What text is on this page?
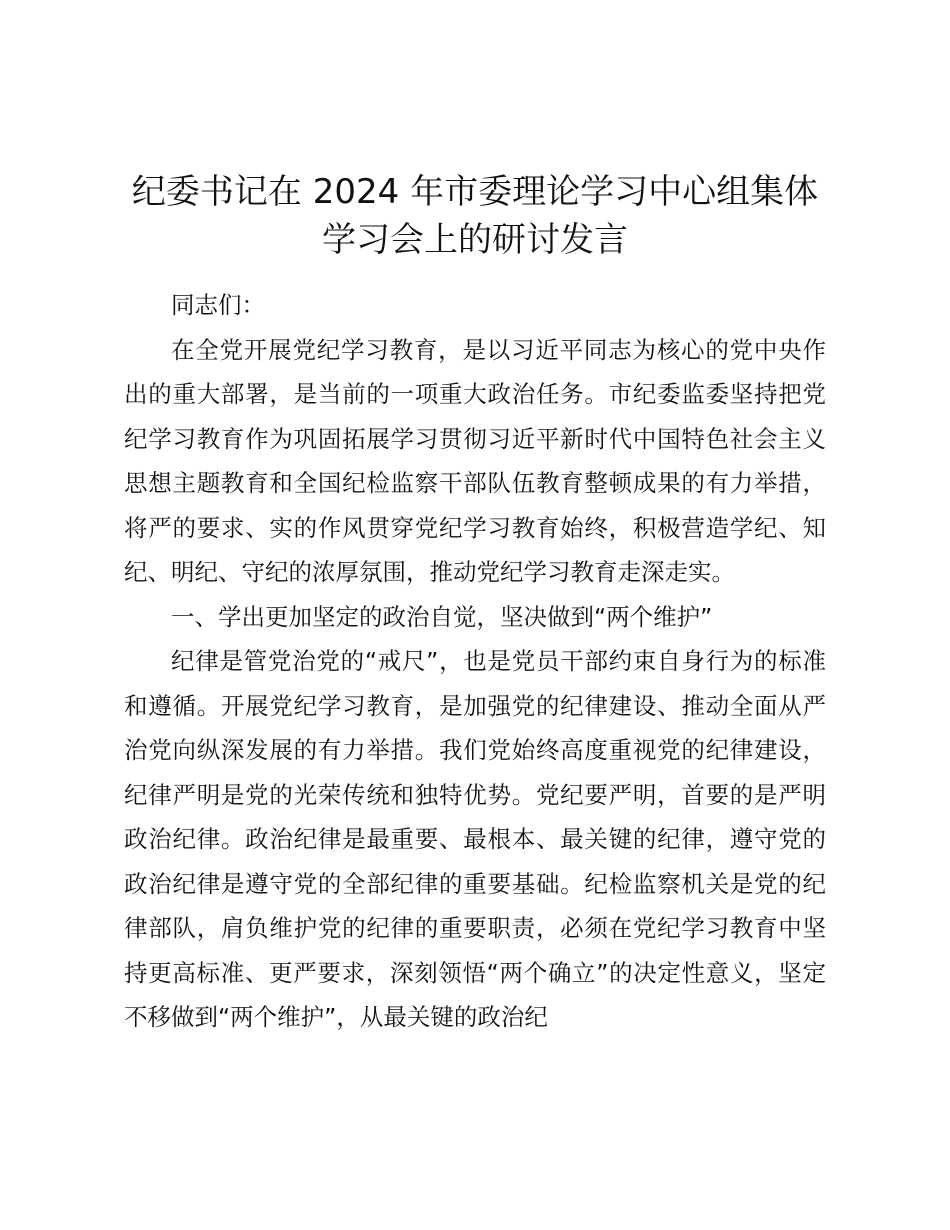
纪委书记在 2024 年市委理论学习中心组集体
学习会上的研讨发言

同志们：

在全党开展党纪学习教育，是以习近平同志为核心的党中央作出的重大部署，是当前的一项重大政治任务。市纪委监委坚持把党纪学习教育作为巩固拓展学习贯彻习近平新时代中国特色社会主义思想主题教育和全国纪检监察干部队伍教育整顿成果的有力举措，将严的要求、实的作风贯穿党纪学习教育始终，积极营造学纪、知纪、明纪、守纪的浓厚氛围，推动党纪学习教育走深走实。

一、学出更加坚定的政治自觉，坚决做到“两个维护”

纪律是管党治党的“戒尺”，也是党员干部约束自身行为的标准和遵循。开展党纪学习教育，是加强党的纪律建设、推动全面从严治党向纵深发展的有力举措。我们党始终高度重视党的纪律建设，纪律严明是党的光荣传统和独特优势。党纪要严明，首要的是严明政治纪律。政治纪律是最重要、最根本、最关键的纪律，遵守党的政治纪律是遵守党的全部纪律的重要基础。纪检监察机关是党的纪律部队，肩负维护党的纪律的重要职责，必须在党纪学习教育中坚持更高标准、更严要求，深刻领悟“两个确立”的决定性意义，坚定不移做到“两个维护”，从最关键的政治纪
